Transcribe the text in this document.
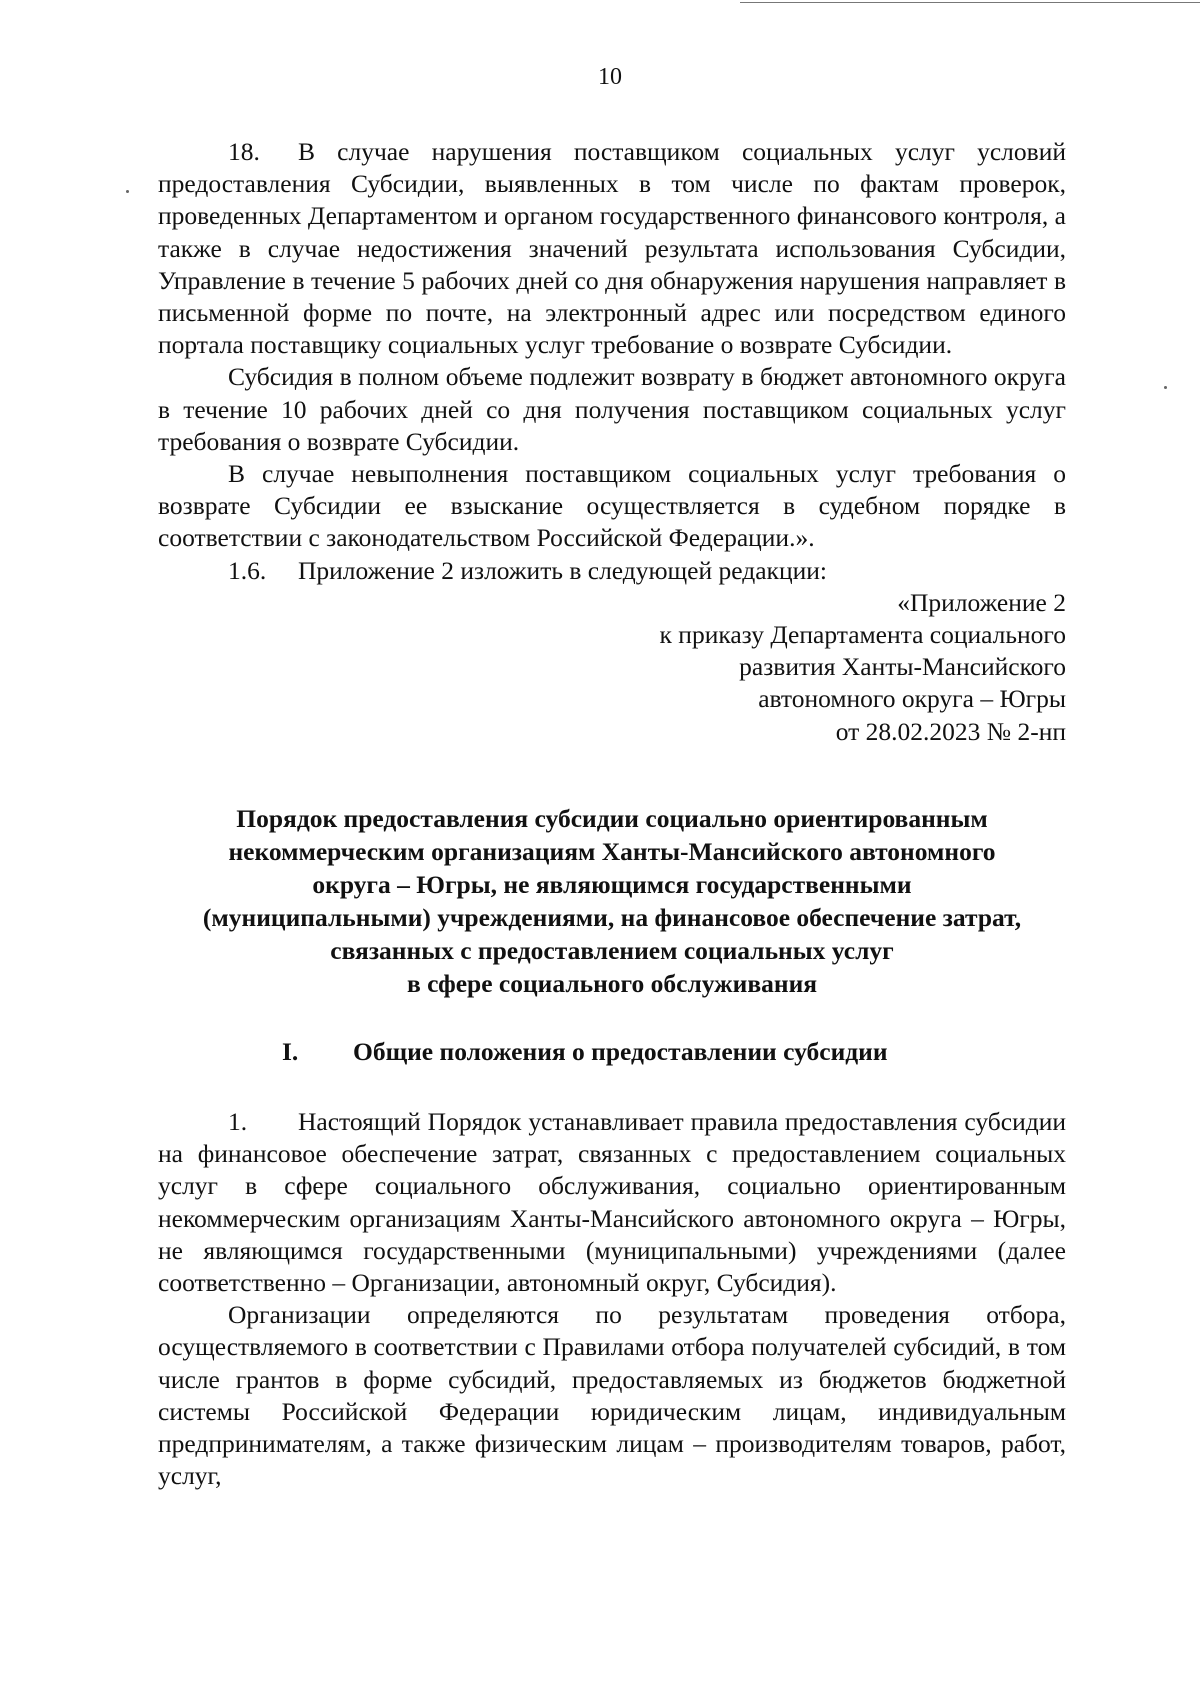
10

18. В случае нарушения поставщиком социальных услуг условий предоставления Субсидии, выявленных в том числе по фактам проверок, проведенных Департаментом и органом государственного финансового контроля, а также в случае недостижения значений результата использования Субсидии, Управление в течение 5 рабочих дней со дня обнаружения нарушения направляет в письменной форме по почте, на электронный адрес или посредством единого портала поставщику социальных услуг требование о возврате Субсидии.

Субсидия в полном объеме подлежит возврату в бюджет автономного округа в течение 10 рабочих дней со дня получения поставщиком социальных услуг требования о возврате Субсидии.

В случае невыполнения поставщиком социальных услуг требования о возврате Субсидии ее взыскание осуществляется в судебном порядке в соответствии с законодательством Российской Федерации.».

1.6. Приложение 2 изложить в следующей редакции:

«Приложение 2
к приказу Департамента социального
развития Ханты-Мансийского
автономного округа – Югры
от 28.02.2023 № 2-нп
Порядок предоставления субсидии социально ориентированным
некоммерческим организациям Ханты-Мансийского автономного
округа – Югры, не являющимся государственными
(муниципальными) учреждениями, на финансовое обеспечение затрат,
связанных с предоставлением социальных услуг
в сфере социального обслуживания
I. Общие положения о предоставлении субсидии

1. Настоящий Порядок устанавливает правила предоставления субсидии на финансовое обеспечение затрат, связанных с предоставлением социальных услуг в сфере социального обслуживания, социально ориентированным некоммерческим организациям Ханты-Мансийского автономного округа – Югры, не являющимся государственными (муниципальными) учреждениями (далее соответственно – Организации, автономный округ, Субсидия).

Организации определяются по результатам проведения отбора, осуществляемого в соответствии с Правилами отбора получателей субсидий, в том числе грантов в форме субсидий, предоставляемых из бюджетов бюджетной системы Российской Федерации юридическим лицам, индивидуальным предпринимателям, а также физическим лицам – производителям товаров, работ, услуг,
